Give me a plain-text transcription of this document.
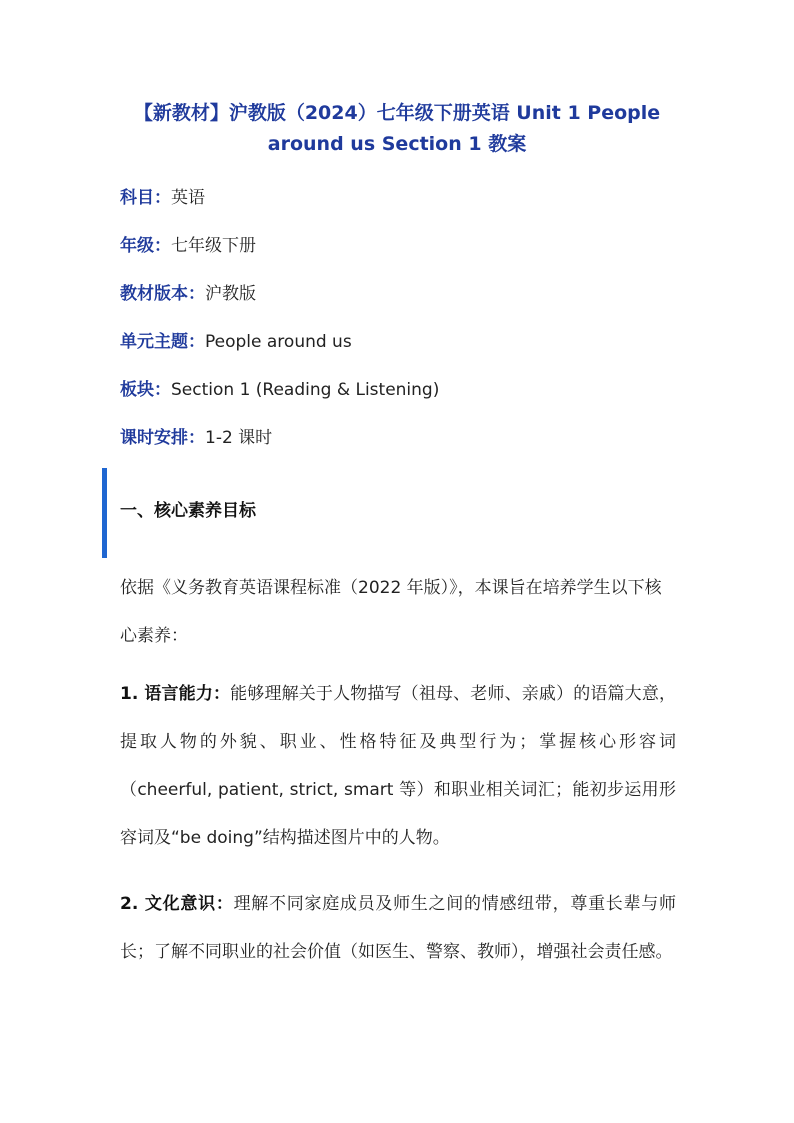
【新教材】沪教版（2024）七年级下册英语 Unit 1 People
around us Section 1 教案
科目：英语
年级：七年级下册
教材版本：沪教版
单元主题：People around us
板块：Section 1 (Reading & Listening)
课时安排：1-2 课时
一、核心素养目标

依据《义务教育英语课程标准（2022 年版）》，本课旨在培养学生以下核心素养：

1. 语言能力：能够理解关于人物描写（祖母、老师、亲戚）的语篇大意，提取人物的外貌、职业、性格特征及典型行为；掌握核心形容词（cheerful, patient, strict, smart 等）和职业相关词汇；能初步运用形容词及“be doing”结构描述图片中的人物。

2. 文化意识：理解不同家庭成员及师生之间的情感纽带，尊重长辈与师长；了解不同职业的社会价值（如医生、警察、教师），增强社会责任感。
